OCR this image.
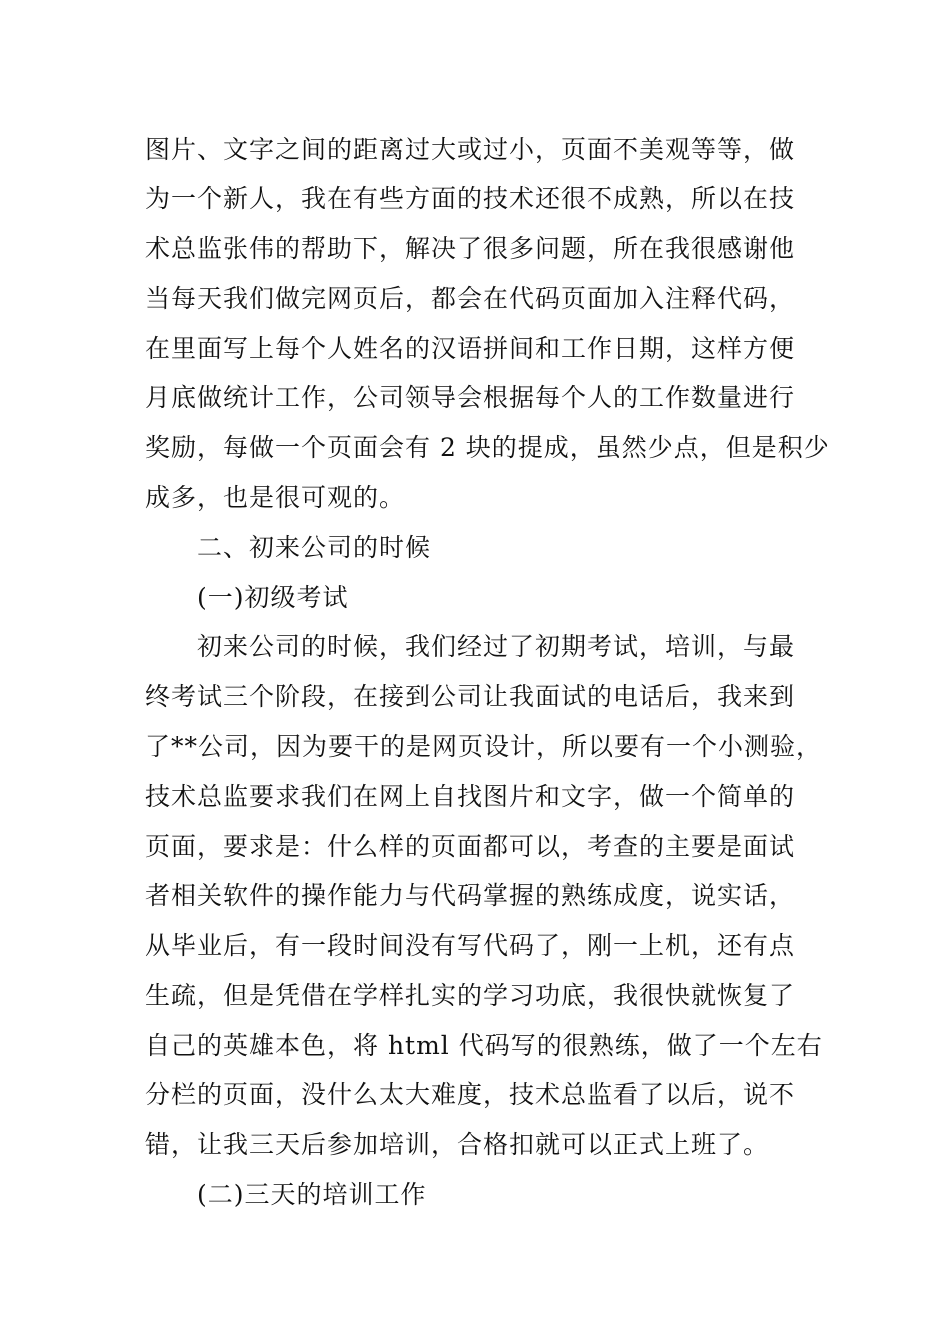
图片、文字之间的距离过大或过小，页面不美观等等，做
为一个新人，我在有些方面的技术还很不成熟，所以在技
术总监张伟的帮助下，解决了很多问题，所在我很感谢他
当每天我们做完网页后，都会在代码页面加入注释代码，
在里面写上每个人姓名的汉语拼间和工作日期，这样方便
月底做统计工作，公司领导会根据每个人的工作数量进行
奖励，每做一个页面会有 2 块的提成，虽然少点，但是积少
成多，也是很可观的。
二、初来公司的时候
(一)初级考试
初来公司的时候，我们经过了初期考试，培训，与最
终考试三个阶段，在接到公司让我面试的电话后，我来到
了**公司，因为要干的是网页设计，所以要有一个小测验，
技术总监要求我们在网上自找图片和文字，做一个简单的
页面，要求是：什么样的页面都可以，考查的主要是面试
者相关软件的操作能力与代码掌握的熟练成度，说实话，
从毕业后，有一段时间没有写代码了，刚一上机，还有点
生疏，但是凭借在学样扎实的学习功底，我很快就恢复了
自己的英雄本色，将 html 代码写的很熟练，做了一个左右
分栏的页面，没什么太大难度，技术总监看了以后，说不
错，让我三天后参加培训，合格扣就可以正式上班了。
(二)三天的培训工作
